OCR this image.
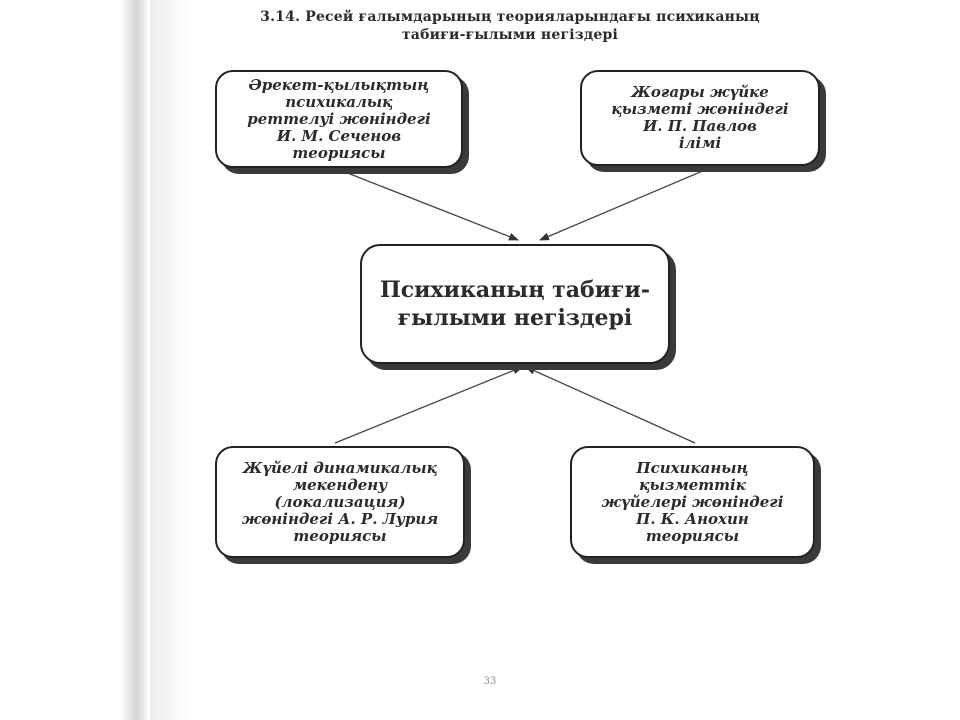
3.14. Ресей ғалымдарының теорияларындағы психиканың
табиғи-ғылыми негіздері
Әрекет-қылықтың
психикалық
реттелуі жөніндегі
И. М. Сеченов
теориясы
Жоғары жүйке
қызметі жөніндегі
И. П. Павлов
ілімі
Психиканың табиғи-
ғылыми негіздері
Жүйелі динамикалық
мекендену
(локализация)
жөніндегі А. Р. Лурия
теориясы
Психиканың
қызметтік
жүйелері жөніндегі
П. К. Анохин
теориясы
33
